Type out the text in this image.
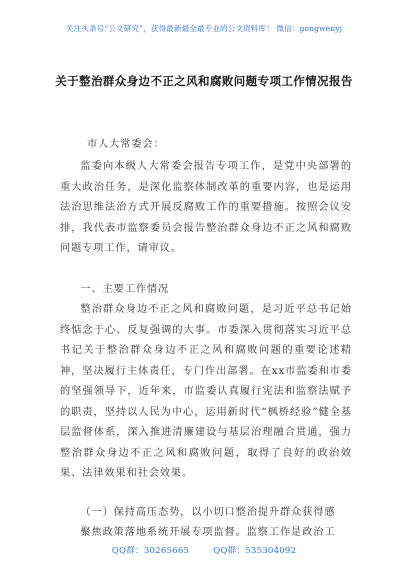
关注头条号“公文研究”，获得最新最全最专业的公文资料库！ 微信：gongwenyj
关于整治群众身边不正之风和腐败问题专项工作情况报告
市人大常委会：

监委向本级人大常委会报告专项工作，是党中央部署的重大政治任务，是深化监察体制改革的重要内容，也是运用法治思维法治方式开展反腐败工作的重要措施。按照会议安排，我代表市监察委员会报告整治群众身边不正之风和腐败问题专项工作，请审议。

一、主要工作情况

整治群众身边不正之风和腐败问题，是习近平总书记始终惦念于心、反复强调的大事。市委深入贯彻落实习近平总书记关于整治群众身边不正之风和腐败问题的重要论述精神，坚决履行主体责任，专门作出部署。在xx市监委和市委的坚强领导下，近年来，市监委认真履行宪法和监察法赋予的职责，坚持以人民为中心，运用新时代“枫桥经验”健全基层监督体系，深入推进清廉建设与基层治理融合贯通，强力整治群众身边不正之风和腐败问题，取得了良好的政治效果、法律效果和社会效果。

（一）保持高压态势，以小切口整治提升群众获得感

聚焦政策落地系统开展专项监督。监察工作是政治工

QQ群：30265665	QQ群：535304092
